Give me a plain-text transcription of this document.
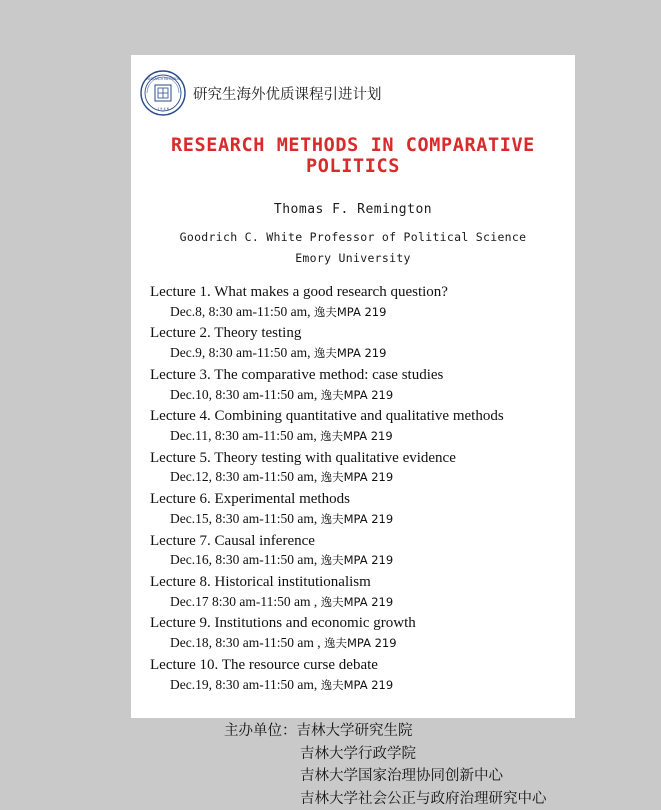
RESEARCH METHODS
1 9 4 6
研究生海外优质课程引进计划
RESEARCH METHODS IN COMPARATIVE POLITICS
Thomas F. Remington
Goodrich C. White Professor of Political Science
Emory University
Lecture 1. What makes a good research question?
Dec.8, 8:30 am-11:50 am, 逸夫MPA 219
Lecture 2. Theory testing
Dec.9, 8:30 am-11:50 am, 逸夫MPA 219
Lecture 3. The comparative method: case studies
Dec.10, 8:30 am-11:50 am, 逸夫MPA 219
Lecture 4. Combining quantitative and qualitative methods
Dec.11, 8:30 am-11:50 am, 逸夫MPA 219
Lecture 5. Theory testing with qualitative evidence
Dec.12, 8:30 am-11:50 am, 逸夫MPA 219
Lecture 6. Experimental methods
Dec.15, 8:30 am-11:50 am, 逸夫MPA 219
Lecture 7. Causal inference
Dec.16, 8:30 am-11:50 am, 逸夫MPA 219
Lecture 8. Historical institutionalism
Dec.17 8:30 am-11:50 am , 逸夫MPA 219
Lecture 9. Institutions and economic growth
Dec.18, 8:30 am-11:50 am , 逸夫MPA 219
Lecture 10. The resource curse debate
Dec.19, 8:30 am-11:50 am, 逸夫MPA 219
主办单位：吉林大学研究生院
吉林大学行政学院
吉林大学国家治理协同创新中心
吉林大学社会公正与政府治理研究中心
